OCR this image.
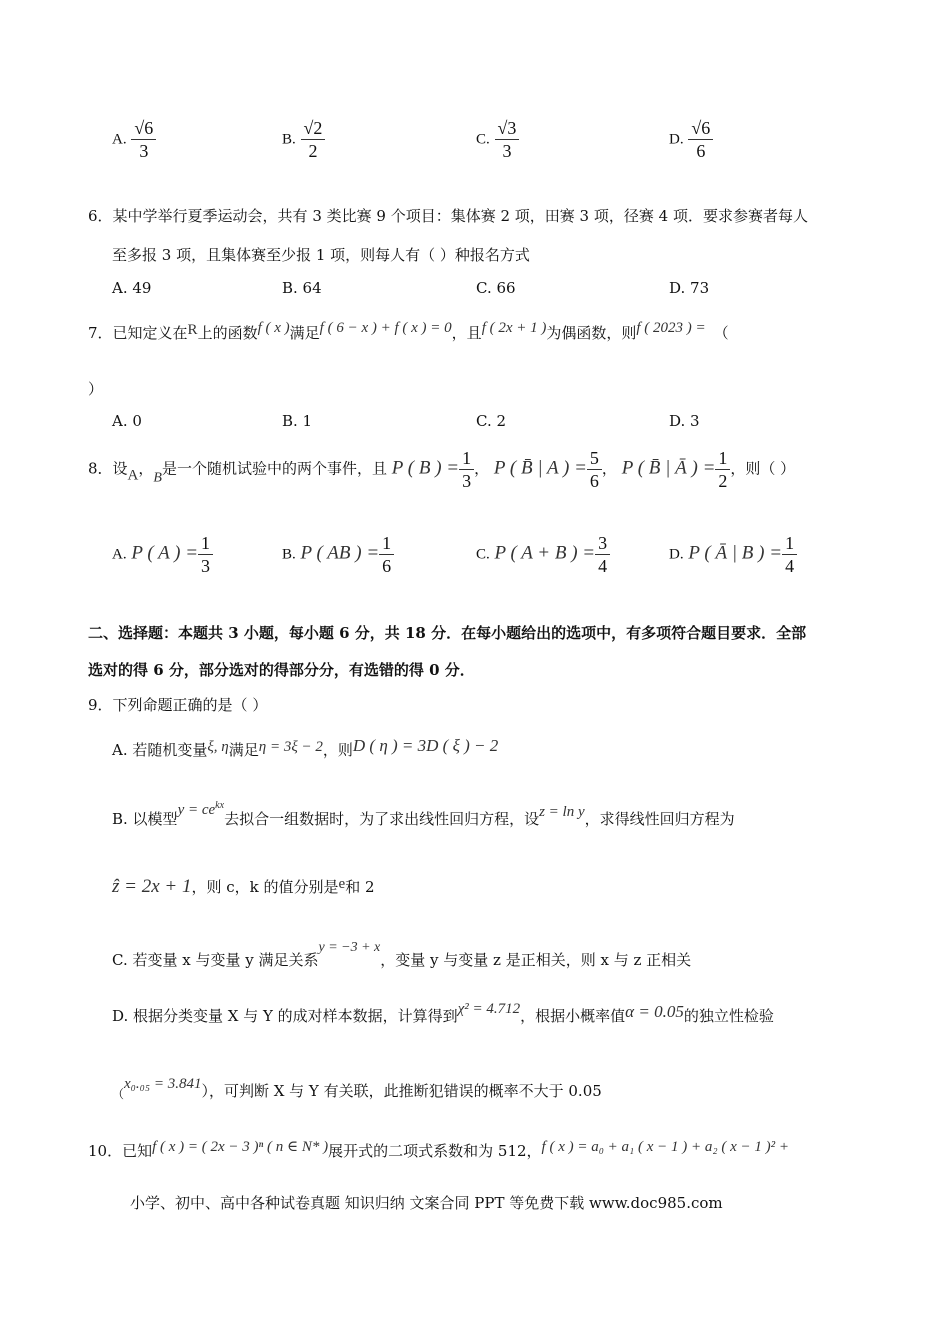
A. $\frac{√6}{3}$	B. $\frac{√2}{2}$	C. $\frac{√3}{3}$	D. $\frac{√6}{6}$
6．某中学举行夏季运动会，共有 3 类比赛 9 个项目：集体赛 2 项，田赛 3 项，径赛 4 项．要求参赛者每人
至多报 3 项，且集体赛至少报 1 项，则每人有（ ）种报名方式
A. 49	B. 64	C. 66	D. 73
7．已知定义在R上的函数f ( x )满足f ( 6 − x ) + f ( x ) = 0，且f ( 2x + 1 )为偶函数，则f ( 2023 ) = （
）
A. 0	B. 1	C. 2	D. 3
8．设A，B是一个随机试验中的两个事件，且 P ( B ) = $\frac{1}{3}$ ， P ( B̄ | A ) = $\frac{5}{6}$ ， P ( B̄ | Ā ) = $\frac{1}{2}$ ，则（ ）
A. P ( A ) = $\frac{1}{3}$	B. P ( AB ) = $\frac{1}{6}$	C. P ( A + B ) = $\frac{3}{4}$	D. P ( Ā | B ) = $\frac{1}{4}$
二、选择题：本题共 3 小题，每小题 6 分，共 18 分．在每小题给出的选项中，有多项符合题目要求．全部
选对的得 6 分，部分选对的得部分分，有选错的得 0 分．
9．下列命题正确的是（ ）
A. 若随机变量ξ, η满足η = 3ξ − 2，则D ( η ) = 3D ( ξ ) − 2
B. 以模型$y = ce^{kx}$去拟合一组数据时，为了求出线性回归方程，设z = ln y，求得线性回归方程为
ẑ = 2x + 1，则 c，k 的值分别是e和 2
C. 若变量 x 与变量 y 满足关系y = −3 + x，变量 y 与变量 z 是正相关，则 x 与 z 正相关
D. 根据分类变量 X 与 Y 的成对样本数据，计算得到χ² = 4.712，根据小概率值α = 0.05的独立性检验
（x₀.₀₅ = 3.841），可判断 X 与 Y 有关联，此推断犯错误的概率不大于 0.05
10．已知f ( x ) = ( 2x − 3 )ⁿ ( n ∈ N* )展开式的二项式系数和为 512，f ( x ) = a₀ + a₁ ( x − 1 ) + a₂ ( x − 1 )² +
小学、初中、高中各种试卷真题 知识归纳 文案合同 PPT 等免费下载 www.doc985.com
